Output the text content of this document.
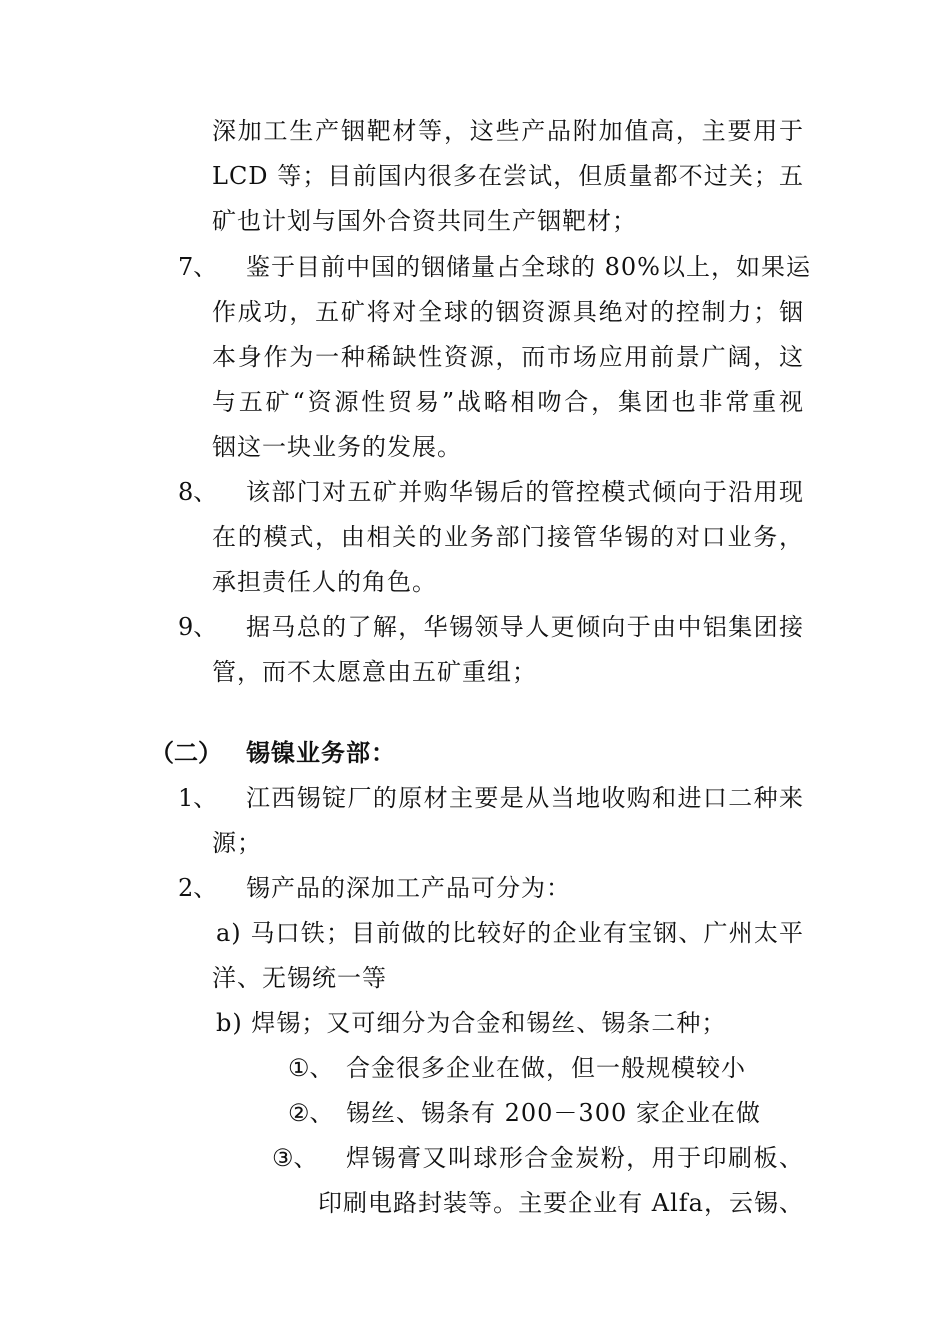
深加工生产铟靶材等，这些产品附加值高，主要用于
LCD 等；目前国内很多在尝试，但质量都不过关；五
矿也计划与国外合资共同生产铟靶材；
7、 鉴于目前中国的铟储量占全球的 80%以上，如果运
作成功，五矿将对全球的铟资源具绝对的控制力；铟
本身作为一种稀缺性资源，而市场应用前景广阔，这
与五矿“资源性贸易”战略相吻合，集团也非常重视
铟这一块业务的发展。
8、 该部门对五矿并购华锡后的管控模式倾向于沿用现
在的模式，由相关的业务部门接管华锡的对口业务，
承担责任人的角色。
9、 据马总的了解，华锡领导人更倾向于由中铝集团接
管，而不太愿意由五矿重组；
（二） 锡镍业务部：
1、 江西锡锭厂的原材主要是从当地收购和进口二种来
源；
2、 锡产品的深加工产品可分为：
a) 马口铁；目前做的比较好的企业有宝钢、广州太平
洋、无锡统一等
b) 焊锡；又可细分为合金和锡丝、锡条二种；
①、 合金很多企业在做，但一般规模较小
②、 锡丝、锡条有 200－300 家企业在做
③、 焊锡膏又叫球形合金炭粉，用于印刷板、
印刷电路封装等。主要企业有 Alfa，云锡、
